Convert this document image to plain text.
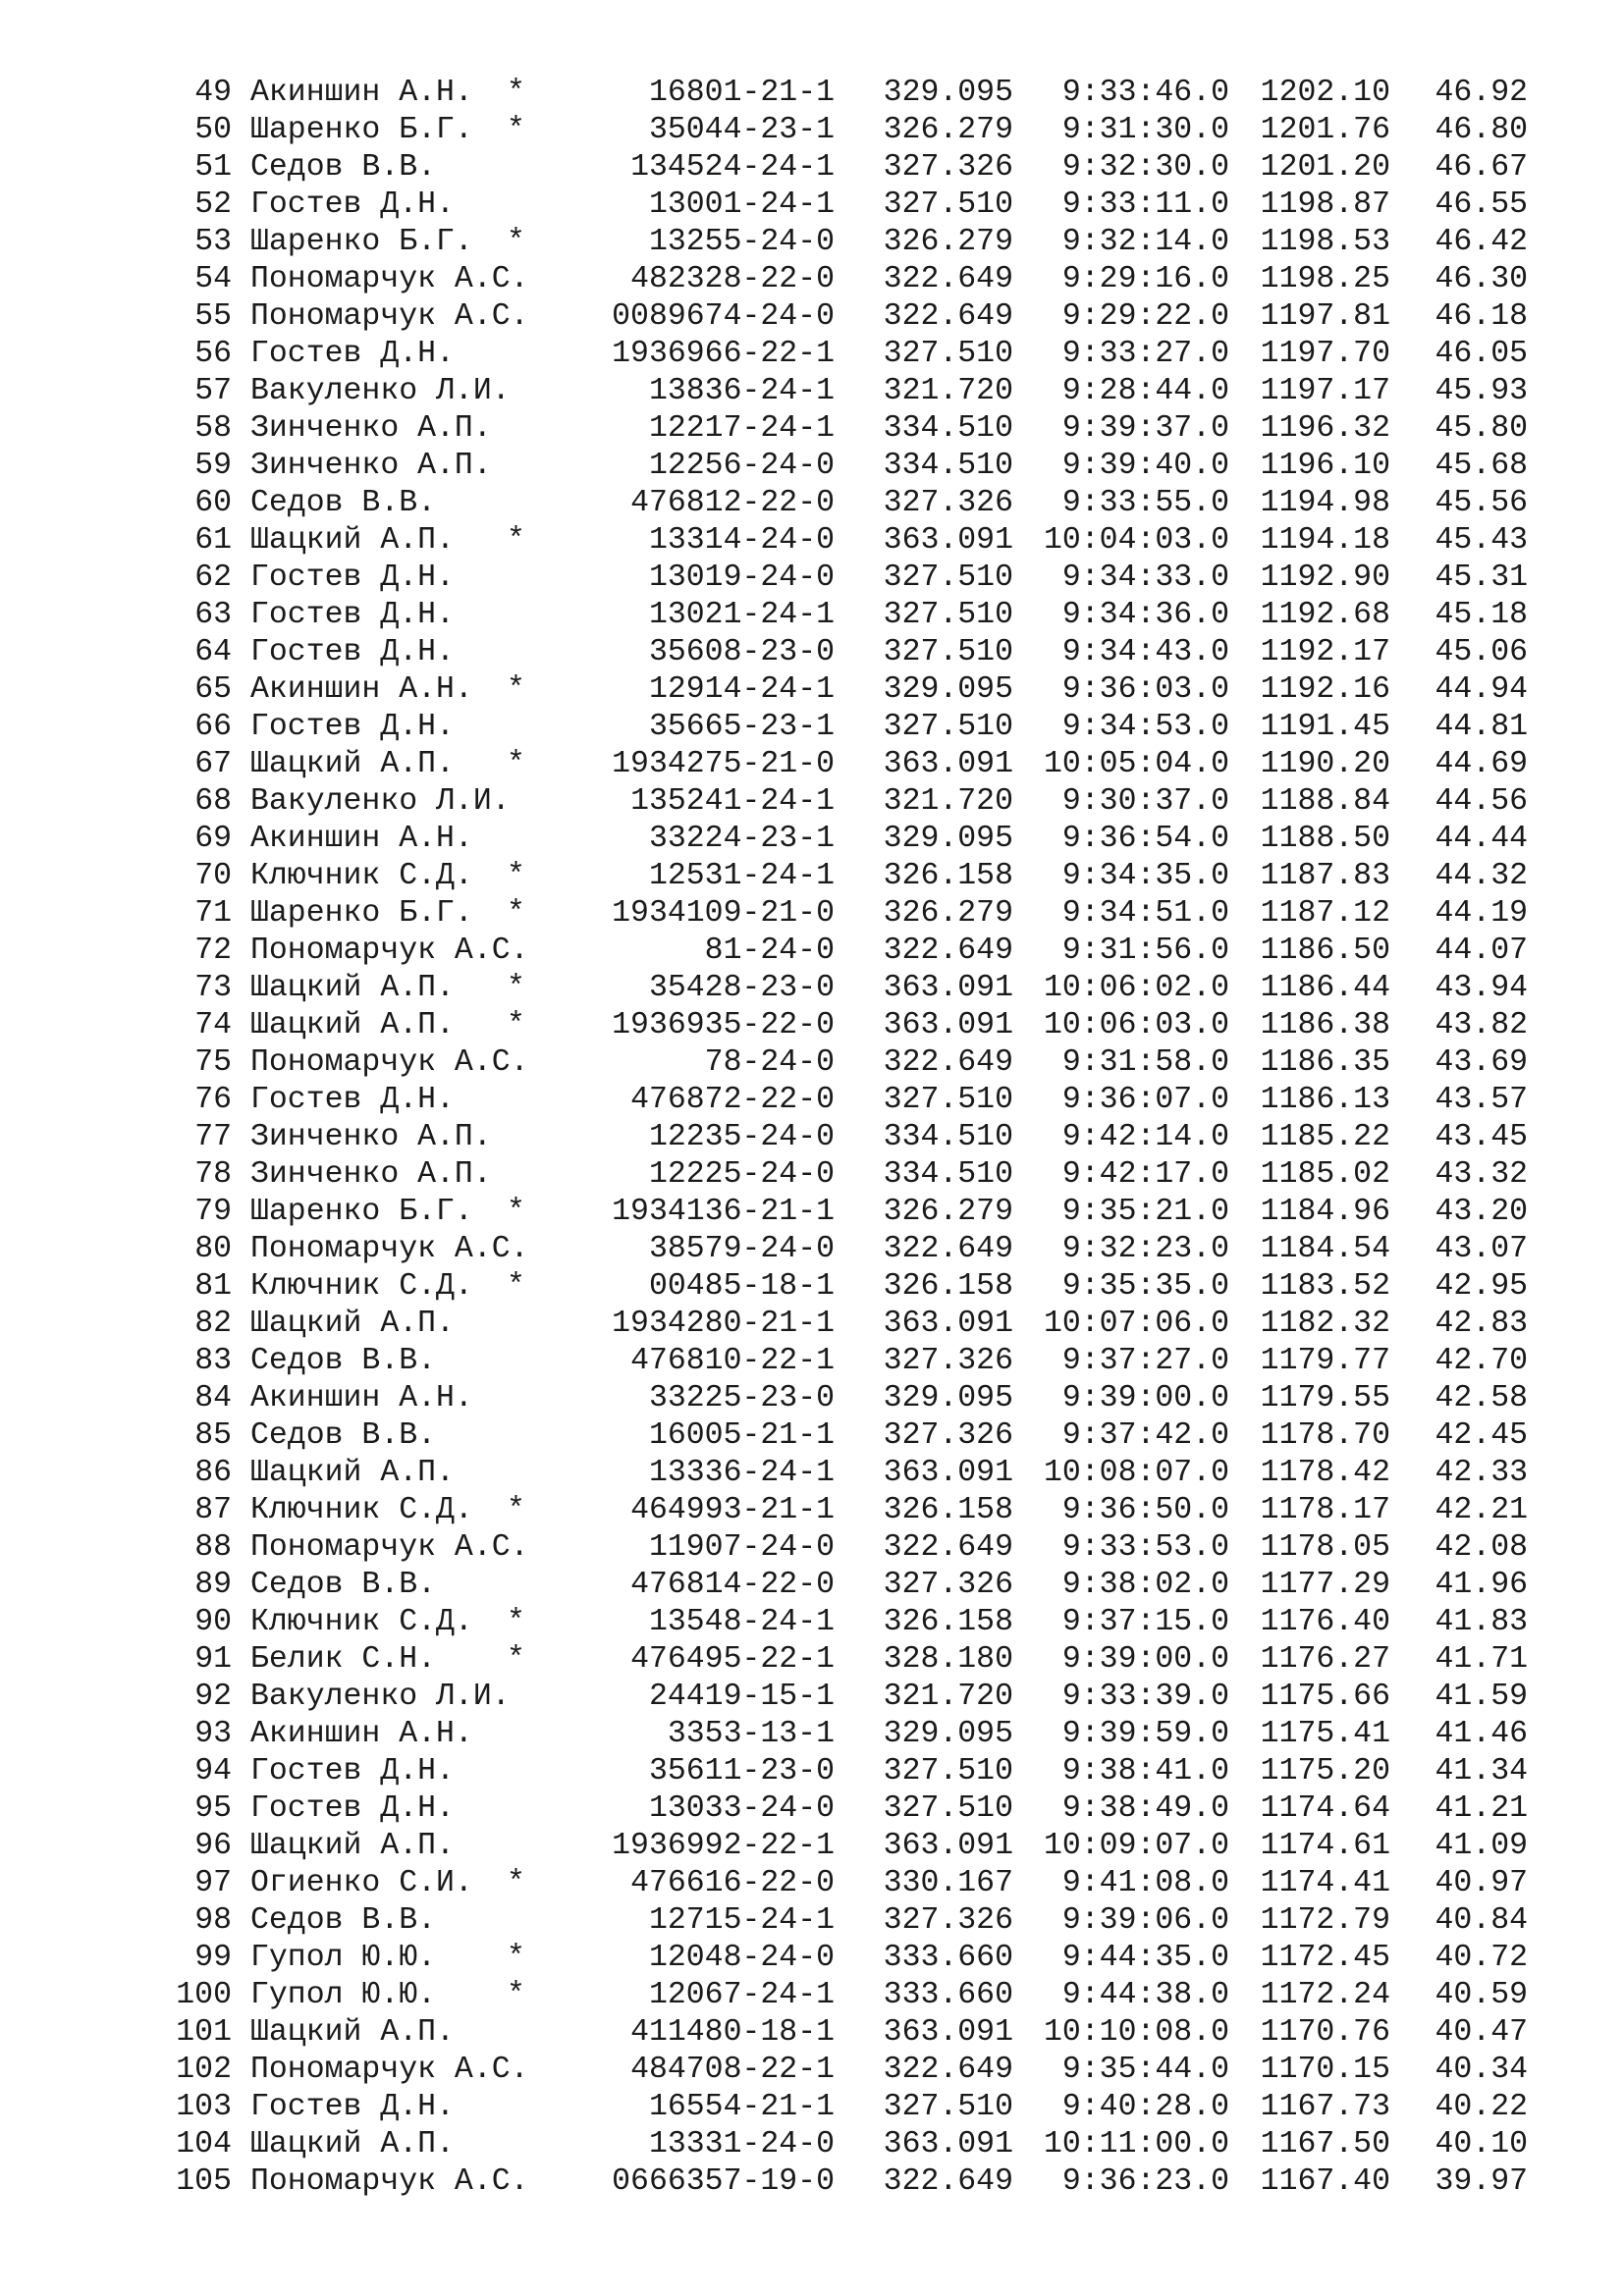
49 Акиншин А.Н.	*	16801-21-1	329.095	9:33:46.0	1202.10	46.92
50 Шаренко Б.Г.	*	35044-23-1	326.279	9:31:30.0	1201.76	46.80
51 Седов В.В.	134524-24-1	327.326	9:32:30.0	1201.20	46.67
52 Гостев Д.Н.	13001-24-1	327.510	9:33:11.0	1198.87	46.55
53 Шаренко Б.Г.	*	13255-24-0	326.279	9:32:14.0	1198.53	46.42
54 Пономарчук А.С.	482328-22-0	322.649	9:29:16.0	1198.25	46.30
55 Пономарчук А.С.	0089674-24-0	322.649	9:29:22.0	1197.81	46.18
56 Гостев Д.Н.	1936966-22-1	327.510	9:33:27.0	1197.70	46.05
57 Вакуленко Л.И.	13836-24-1	321.720	9:28:44.0	1197.17	45.93
58 Зинченко А.П.	12217-24-1	334.510	9:39:37.0	1196.32	45.80
59 Зинченко А.П.	12256-24-0	334.510	9:39:40.0	1196.10	45.68
60 Седов В.В.	476812-22-0	327.326	9:33:55.0	1194.98	45.56
61 Шацкий А.П.	*	13314-24-0	363.091 10:04:03.0	1194.18	45.43
62 Гостев Д.Н.	13019-24-0	327.510	9:34:33.0	1192.90	45.31
63 Гостев Д.Н.	13021-24-1	327.510	9:34:36.0	1192.68	45.18
64 Гостев Д.Н.	35608-23-0	327.510	9:34:43.0	1192.17	45.06
65 Акиншин А.Н.	*	12914-24-1	329.095	9:36:03.0	1192.16	44.94
66 Гостев Д.Н.	35665-23-1	327.510	9:34:53.0	1191.45	44.81
67 Шацкий А.П.	*	1934275-21-0	363.091 10:05:04.0	1190.20	44.69
68 Вакуленко Л.И.	135241-24-1	321.720	9:30:37.0	1188.84	44.56
69 Акиншин А.Н.	33224-23-1	329.095	9:36:54.0	1188.50	44.44
70 Ключник С.Д.	*	12531-24-1	326.158	9:34:35.0	1187.83	44.32
71 Шаренко Б.Г.	*	1934109-21-0	326.279	9:34:51.0	1187.12	44.19
72 Пономарчук А.С.	81-24-0	322.649	9:31:56.0	1186.50	44.07
73 Шацкий А.П.	*	35428-23-0	363.091 10:06:02.0	1186.44	43.94
74 Шацкий А.П.	*	1936935-22-0	363.091 10:06:03.0	1186.38	43.82
75 Пономарчук А.С.	78-24-0	322.649	9:31:58.0	1186.35	43.69
76 Гостев Д.Н.	476872-22-0	327.510	9:36:07.0	1186.13	43.57
77 Зинченко А.П.	12235-24-0	334.510	9:42:14.0	1185.22	43.45
78 Зинченко А.П.	12225-24-0	334.510	9:42:17.0	1185.02	43.32
79 Шаренко Б.Г.	*	1934136-21-1	326.279	9:35:21.0	1184.96	43.20
80 Пономарчук А.С.	38579-24-0	322.649	9:32:23.0	1184.54	43.07
81 Ключник С.Д.	*	00485-18-1	326.158	9:35:35.0	1183.52	42.95
82 Шацкий А.П.	1934280-21-1	363.091 10:07:06.0	1182.32	42.83
83 Седов В.В.	476810-22-1	327.326	9:37:27.0	1179.77	42.70
84 Акиншин А.Н.	33225-23-0	329.095	9:39:00.0	1179.55	42.58
85 Седов В.В.	16005-21-1	327.326	9:37:42.0	1178.70	42.45
86 Шацкий А.П.	13336-24-1	363.091 10:08:07.0	1178.42	42.33
87 Ключник С.Д.	*	464993-21-1	326.158	9:36:50.0	1178.17	42.21
88 Пономарчук А.С.	11907-24-0	322.649	9:33:53.0	1178.05	42.08
89 Седов В.В.	476814-22-0	327.326	9:38:02.0	1177.29	41.96
90 Ключник С.Д.	*	13548-24-1	326.158	9:37:15.0	1176.40	41.83
91 Белик С.Н.	*	476495-22-1	328.180	9:39:00.0	1176.27	41.71
92 Вакуленко Л.И.	24419-15-1	321.720	9:33:39.0	1175.66	41.59
93 Акиншин А.Н.	3353-13-1	329.095	9:39:59.0	1175.41	41.46
94 Гостев Д.Н.	35611-23-0	327.510	9:38:41.0	1175.20	41.34
95 Гостев Д.Н.	13033-24-0	327.510	9:38:49.0	1174.64	41.21
96 Шацкий А.П.	1936992-22-1	363.091 10:09:07.0	1174.61	41.09
97 Огиенко С.И.	*	476616-22-0	330.167	9:41:08.0	1174.41	40.97
98 Седов В.В.	12715-24-1	327.326	9:39:06.0	1172.79	40.84
99 Гупол Ю.Ю.	*	12048-24-0	333.660	9:44:35.0	1172.45	40.72
100 Гупол Ю.Ю.	*	12067-24-1	333.660	9:44:38.0	1172.24	40.59
101 Шацкий А.П.	411480-18-1	363.091 10:10:08.0	1170.76	40.47
102 Пономарчук А.С.	484708-22-1	322.649	9:35:44.0	1170.15	40.34
103 Гостев Д.Н.	16554-21-1	327.510	9:40:28.0	1167.73	40.22
104 Шацкий А.П.	13331-24-0	363.091 10:11:00.0	1167.50	40.10
105 Пономарчук А.С.	0666357-19-0	322.649	9:36:23.0	1167.40	39.97
